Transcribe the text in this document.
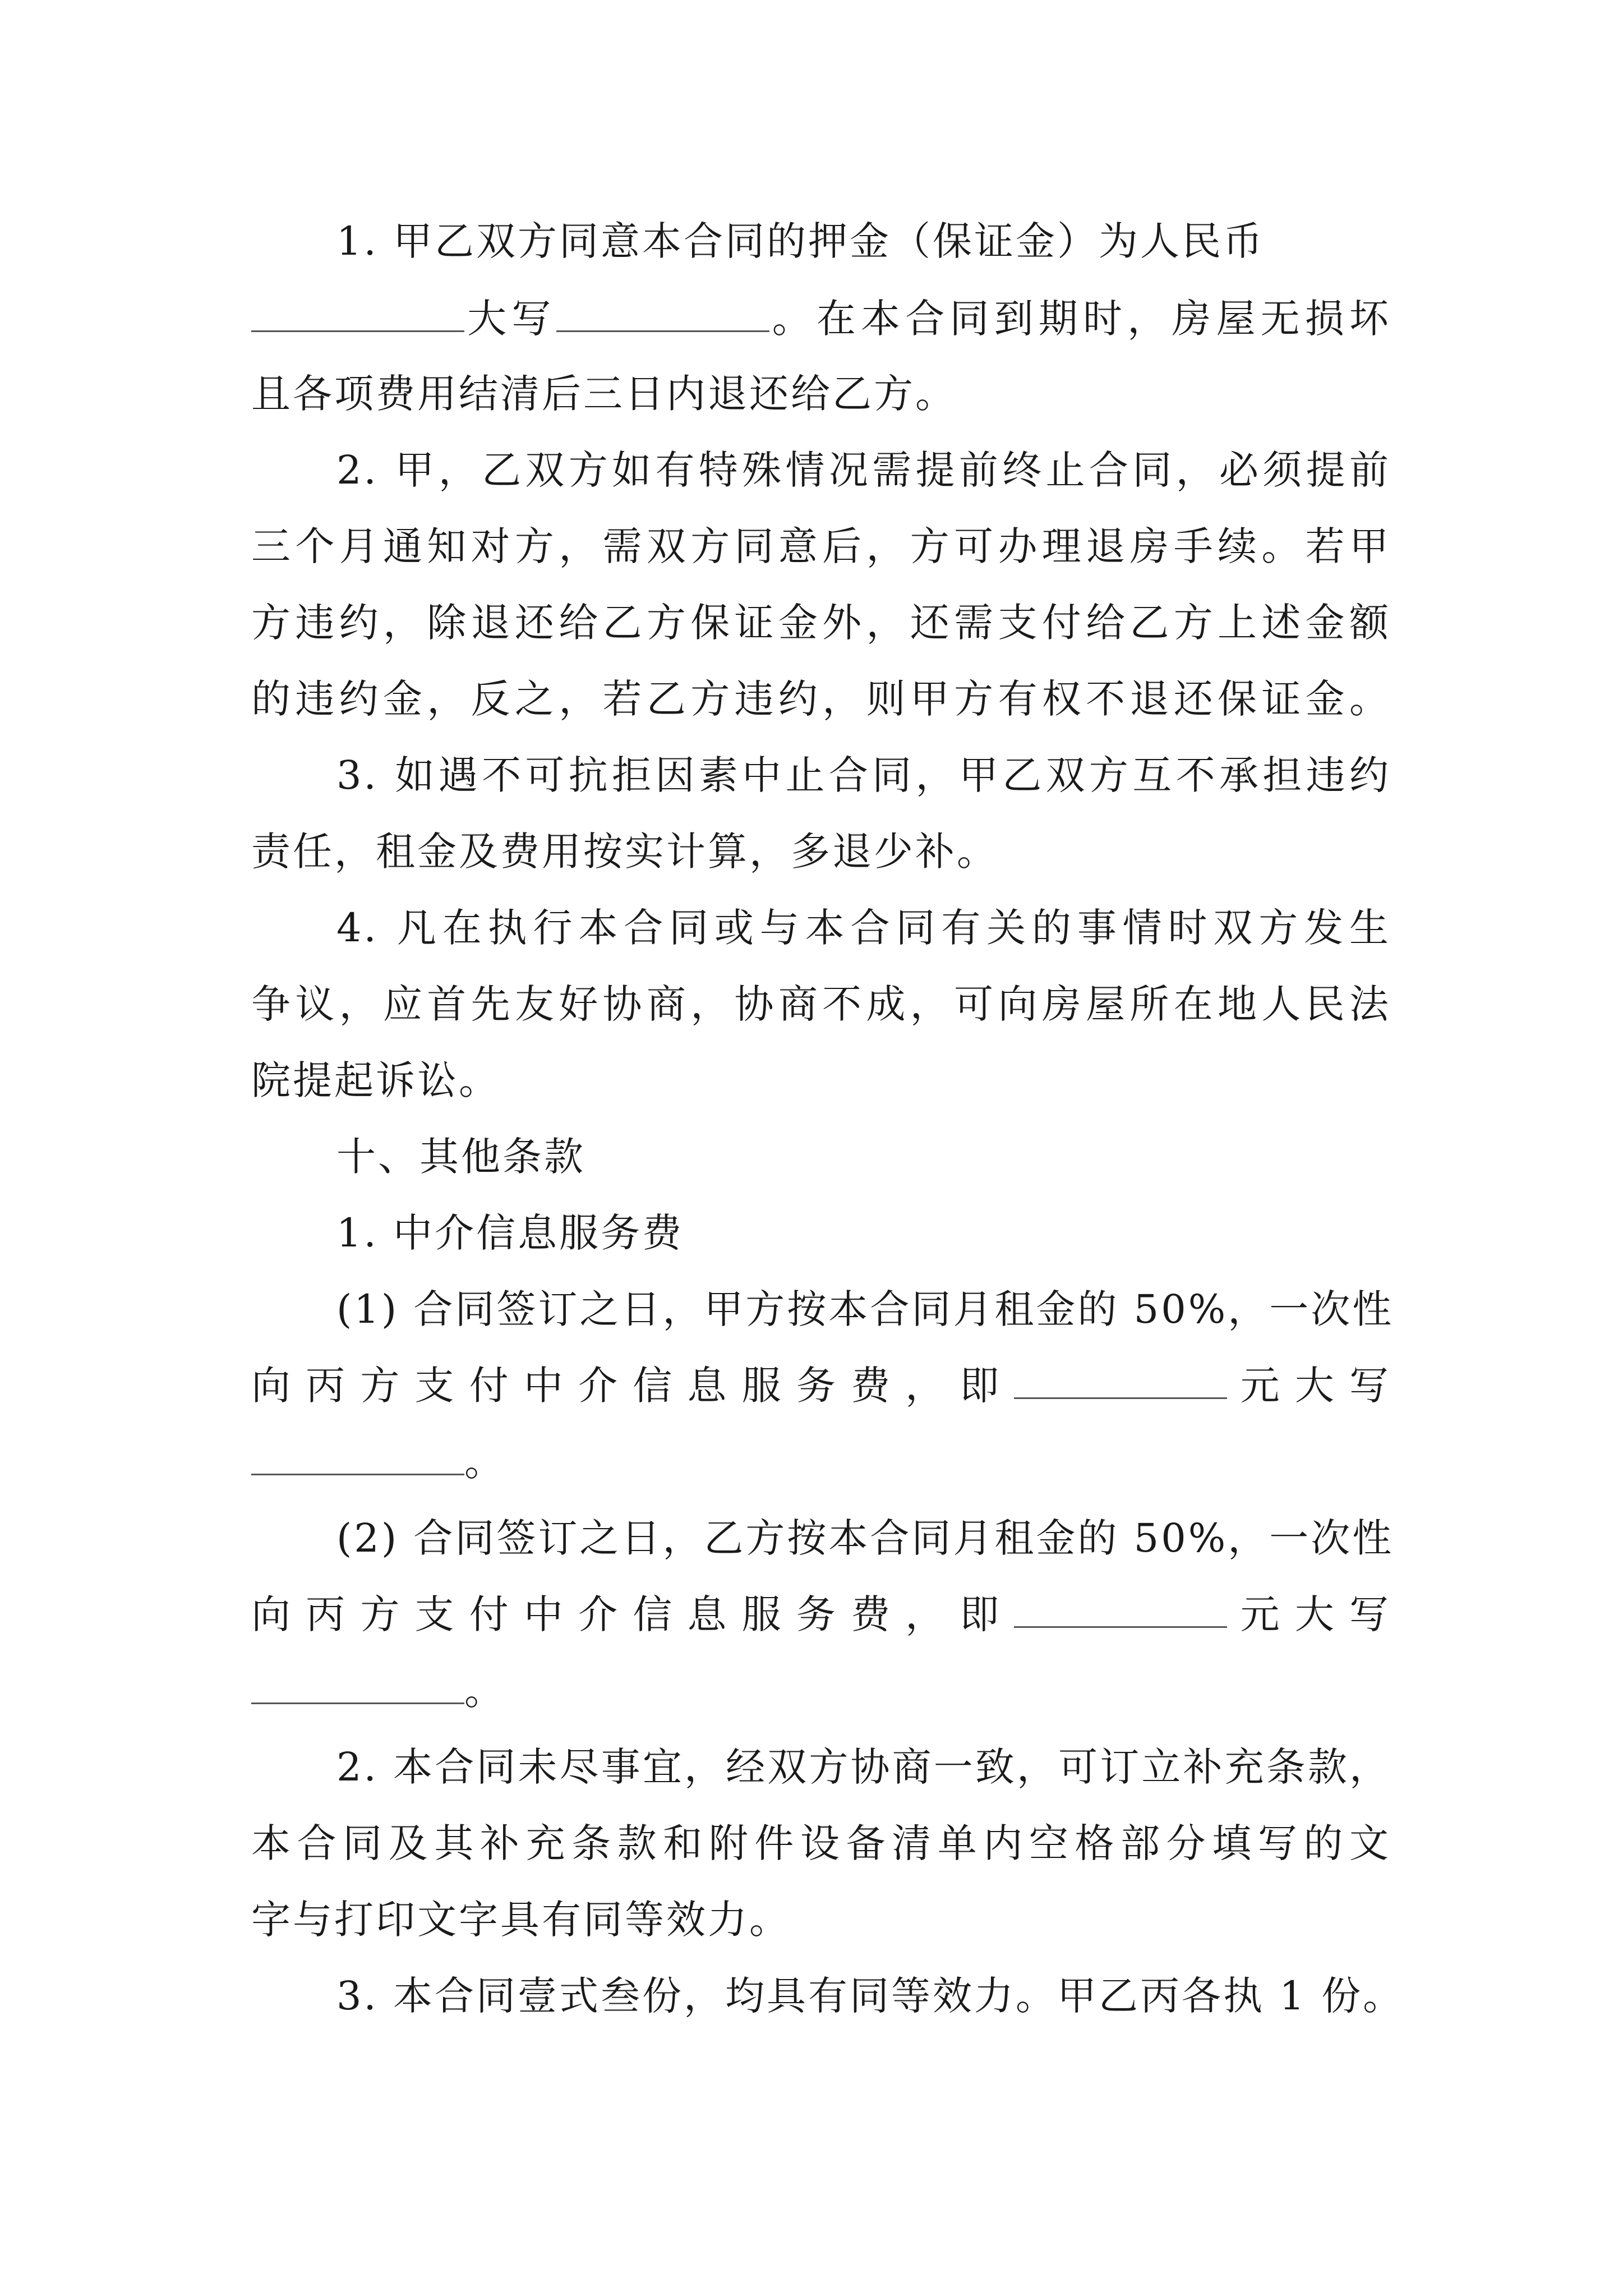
1. 甲乙双方同意本合同的押金（保证金）为人民币
大写	。在本合同到期时，房屋无损坏
且各项费用结清后三日内退还给乙方。
2. 甲，乙双方如有特殊情况需提前终止合同，必须提前
三个月通知对方，需双方同意后，方可办理退房手续。若甲
方违约，除退还给乙方保证金外，还需支付给乙方上述金额
的违约金，反之，若乙方违约，则甲方有权不退还保证金。
3. 如遇不可抗拒因素中止合同，甲乙双方互不承担违约
责任，租金及费用按实计算，多退少补。
4. 凡在执行本合同或与本合同有关的事情时双方发生
争议，应首先友好协商，协商不成，可向房屋所在地人民法
院提起诉讼。
十、其他条款
1. 中介信息服务费
(1) 合同签订之日，甲方按本合同月租金的 50%，一次性
向丙方支付中介信息服务费，即	元大写
。
(2) 合同签订之日，乙方按本合同月租金的 50%，一次性
向丙方支付中介信息服务费，即	元大写
。
2. 本合同未尽事宜，经双方协商一致，可订立补充条款，
本合同及其补充条款和附件设备清单内空格部分填写的文
字与打印文字具有同等效力。
3. 本合同壹式叁份，均具有同等效力。甲乙丙各执 1 份。
